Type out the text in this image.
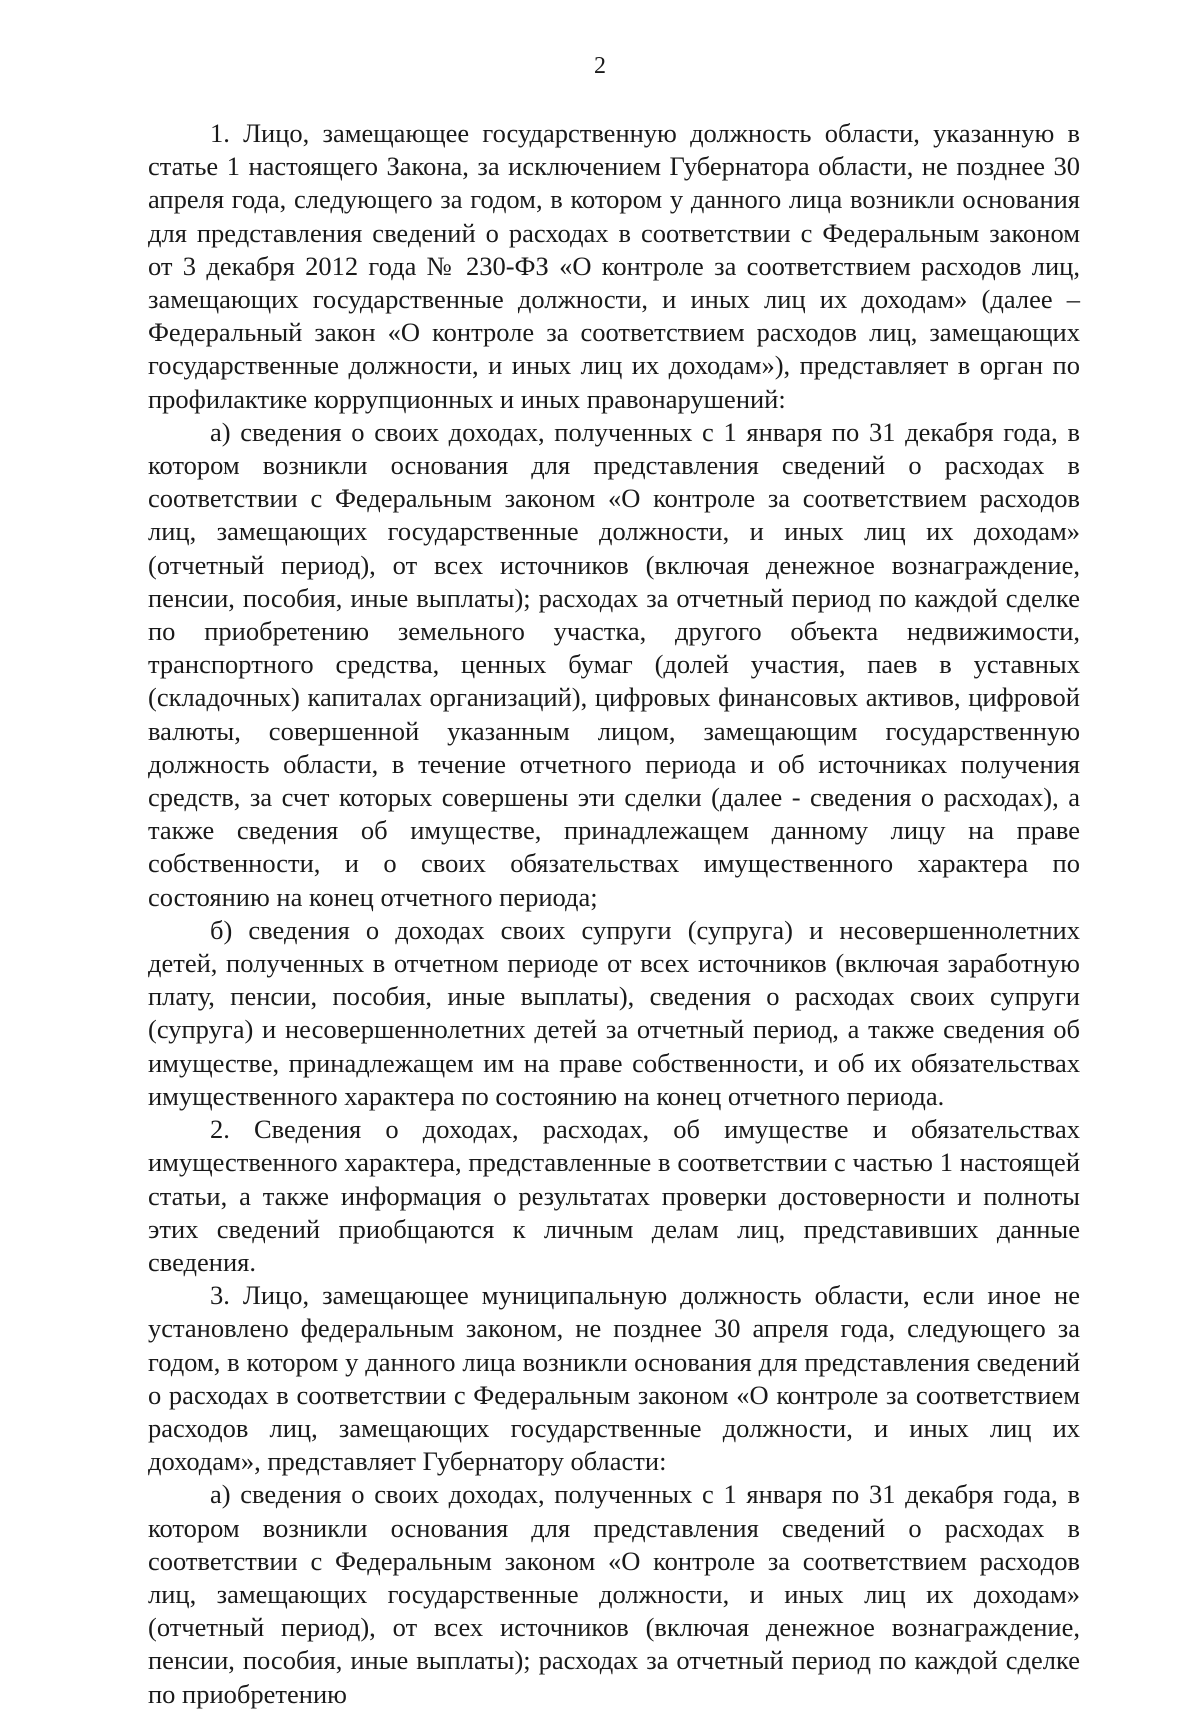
2

1. Лицо, замещающее государственную должность области, указанную в статье 1 настоящего Закона, за исключением Губернатора области, не позднее 30 апреля года, следующего за годом, в котором у данного лица возникли основания для представления сведений о расходах в соответствии с Федеральным законом от 3 декабря 2012 года № 230-ФЗ «О контроле за соответствием расходов лиц, замещающих государственные должности, и иных лиц их доходам» (далее – Федеральный закон «О контроле за соответствием расходов лиц, замещающих государственные должности, и иных лиц их доходам»), представляет в орган по профилактике коррупционных и иных правонарушений:

а) сведения о своих доходах, полученных с 1 января по 31 декабря года, в котором возникли основания для представления сведений о расходах в соответствии с Федеральным законом «О контроле за соответствием расходов лиц, замещающих государственные должности, и иных лиц их доходам» (отчетный период), от всех источников (включая денежное вознаграждение, пенсии, пособия, иные выплаты); расходах за отчетный период по каждой сделке по приобретению земельного участка, другого объекта недвижимости, транспортного средства, ценных бумаг (долей участия, паев в уставных (складочных) капиталах организаций), цифровых финансовых активов, цифровой валюты, совершенной указанным лицом, замещающим государственную должность области, в течение отчетного периода и об источниках получения средств, за счет которых совершены эти сделки (далее - сведения о расходах), а также сведения об имуществе, принадлежащем данному лицу на праве собственности, и о своих обязательствах имущественного характера по состоянию на конец отчетного периода;

б) сведения о доходах своих супруги (супруга) и несовершеннолетних детей, полученных в отчетном периоде от всех источников (включая заработную плату, пенсии, пособия, иные выплаты), сведения о расходах своих супруги (супруга) и несовершеннолетних детей за отчетный период, а также сведения об имуществе, принадлежащем им на праве собственности, и об их обязательствах имущественного характера по состоянию на конец отчетного периода.

2. Сведения о доходах, расходах, об имуществе и обязательствах имущественного характера, представленные в соответствии с частью 1 настоящей статьи, а также информация о результатах проверки достоверности и полноты этих сведений приобщаются к личным делам лиц, представивших данные сведения.

3. Лицо, замещающее муниципальную должность области, если иное не установлено федеральным законом, не позднее 30 апреля года, следующего за годом, в котором у данного лица возникли основания для представления сведений о расходах в соответствии с Федеральным законом «О контроле за соответствием расходов лиц, замещающих государственные должности, и иных лиц их доходам», представляет Губернатору области:

а) сведения о своих доходах, полученных с 1 января по 31 декабря года, в котором возникли основания для представления сведений о расходах в соответствии с Федеральным законом «О контроле за соответствием расходов лиц, замещающих государственные должности, и иных лиц их доходам» (отчетный период), от всех источников (включая денежное вознаграждение, пенсии, пособия, иные выплаты); расходах за отчетный период по каждой сделке по приобретению
